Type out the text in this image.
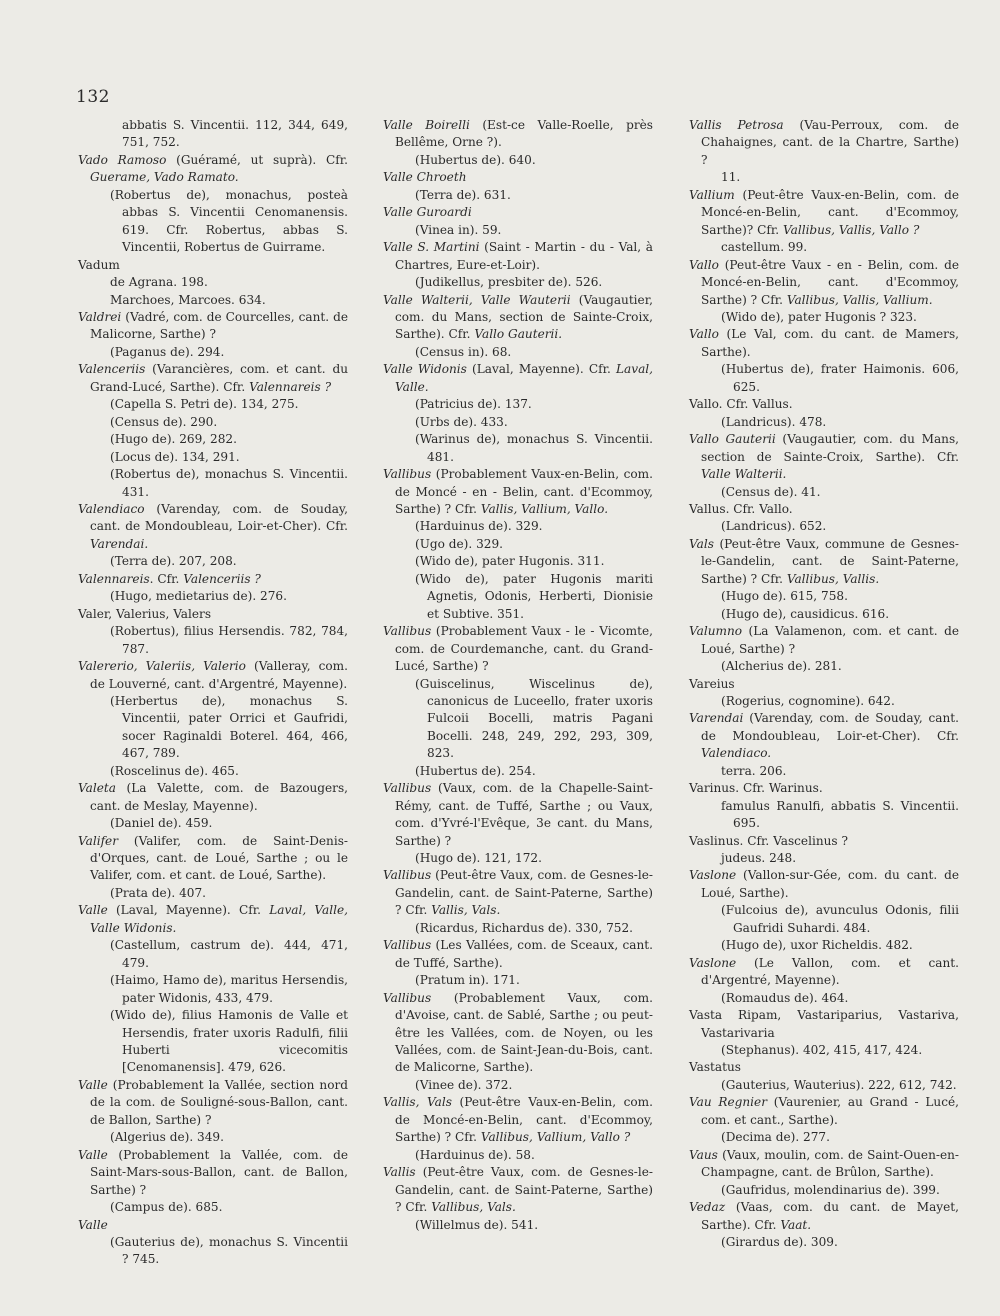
132

abbatis S. Vincentii. 112, 344, 649, 751, 752.

Vado Ramoso (Guéramé, ut suprà). Cfr. Guerame, Vado Ramato.

(Robertus de), monachus, posteà abbas S. Vincentii Cenomanensis. 619. Cfr. Robertus, abbas S. Vincentii, Robertus de Guirrame.

Vadum

de Agrana. 198.

Marchoes, Marcoes. 634.

Valdrei (Vadré, com. de Courcelles, cant. de Malicorne, Sarthe) ?

(Paganus de). 294.

Valenceriis (Varancières, com. et cant. du Grand-Lucé, Sarthe). Cfr. Valennareis ?

(Capella S. Petri de). 134, 275.

(Census de). 290.

(Hugo de). 269, 282.

(Locus de). 134, 291.

(Robertus de), monachus S. Vincentii. 431.

Valendiaco (Varenday, com. de Souday, cant. de Mondoubleau, Loir-et-Cher). Cfr. Varendai.

(Terra de). 207, 208.

Valennareis. Cfr. Valenceriis ?

(Hugo, medietarius de). 276.

Valer, Valerius, Valers

(Robertus), filius Hersendis. 782, 784, 787.

Valererio, Valeriis, Valerio (Valleray, com. de Louverné, cant. d'Argentré, Mayenne).

(Herbertus de), monachus S. Vincentii, pater Orrici et Gaufridi, socer Raginaldi Boterel. 464, 466, 467, 789.

(Roscelinus de). 465.

Valeta (La Valette, com. de Bazougers, cant. de Meslay, Mayenne).

(Daniel de). 459.

Valifer (Valifer, com. de Saint-Denis-d'Orques, cant. de Loué, Sarthe ; ou le Valifer, com. et cant. de Loué, Sarthe).

(Prata de). 407.

Valle (Laval, Mayenne). Cfr. Laval, Valle, Valle Widonis.

(Castellum, castrum de). 444, 471, 479.

(Haimo, Hamo de), maritus Hersendis, pater Widonis, 433, 479.

(Wido de), filius Hamonis de Valle et Hersendis, frater uxoris Radulfi, filii Huberti vicecomitis [Cenomanensis]. 479, 626.

Valle (Probablement la Vallée, section nord de la com. de Souligné-sous-Ballon, cant. de Ballon, Sarthe) ?

(Algerius de). 349.

Valle (Probablement la Vallée, com. de Saint-Mars-sous-Ballon, cant. de Ballon, Sarthe) ?

(Campus de). 685.

Valle

(Gauterius de), monachus S. Vincentii ? 745.

Valle Boirelli (Est-ce Valle-Roelle, près Bellême, Orne ?).

(Hubertus de). 640.

Valle Chroeth

(Terra de). 631.

Valle Guroardi

(Vinea in). 59.

Valle S. Martini (Saint - Martin - du - Val, à Chartres, Eure-et-Loir).

(Judikellus, presbiter de). 526.

Valle Walterii, Valle Wauterii (Vaugautier, com. du Mans, section de Sainte-Croix, Sarthe). Cfr. Vallo Gauterii.

(Census in). 68.

Valle Widonis (Laval, Mayenne). Cfr. Laval, Valle.

(Patricius de). 137.

(Urbs de). 433.

(Warinus de), monachus S. Vincentii. 481.

Vallibus (Probablement Vaux-en-Belin, com. de Moncé - en - Belin, cant. d'Ecommoy, Sarthe) ? Cfr. Vallis, Vallium, Vallo.

(Harduinus de). 329.

(Ugo de). 329.

(Wido de), pater Hugonis. 311.

(Wido de), pater Hugonis mariti Agnetis, Odonis, Herberti, Dionisie et Subtive. 351.

Vallibus (Probablement Vaux - le - Vicomte, com. de Courdemanche, cant. du Grand-Lucé, Sarthe) ?

(Guiscelinus, Wiscelinus de), canonicus de Luceello, frater uxoris Fulcoii Bocelli, matris Pagani Bocelli. 248, 249, 292, 293, 309, 823.

(Hubertus de). 254.

Vallibus (Vaux, com. de la Chapelle-Saint-Rémy, cant. de Tuffé, Sarthe ; ou Vaux, com. d'Yvré-l'Evêque, 3e cant. du Mans, Sarthe) ?

(Hugo de). 121, 172.

Vallibus (Peut-être Vaux, com. de Gesnes-le-Gandelin, cant. de Saint-Paterne, Sarthe) ? Cfr. Vallis, Vals.

(Ricardus, Richardus de). 330, 752.

Vallibus (Les Vallées, com. de Sceaux, cant. de Tuffé, Sarthe).

(Pratum in). 171.

Vallibus (Probablement Vaux, com. d'Avoise, cant. de Sablé, Sarthe ; ou peut-être les Vallées, com. de Noyen, ou les Vallées, com. de Saint-Jean-du-Bois, cant. de Malicorne, Sarthe).

(Vinee de). 372.

Vallis, Vals (Peut-être Vaux-en-Belin, com. de Moncé-en-Belin, cant. d'Ecommoy, Sarthe) ? Cfr. Vallibus, Vallium, Vallo ?

(Harduinus de). 58.

Vallis (Peut-être Vaux, com. de Gesnes-le-Gandelin, cant. de Saint-Paterne, Sarthe) ? Cfr. Vallibus, Vals.

(Willelmus de). 541.

Vallis Petrosa (Vau-Perroux, com. de Chahaignes, cant. de la Chartre, Sarthe) ?

11.

Vallium (Peut-être Vaux-en-Belin, com. de Moncé-en-Belin, cant. d'Ecommoy, Sarthe)? Cfr. Vallibus, Vallis, Vallo ?

castellum. 99.

Vallo (Peut-être Vaux - en - Belin, com. de Moncé-en-Belin, cant. d'Ecommoy, Sarthe) ? Cfr. Vallibus, Vallis, Vallium.

(Wido de), pater Hugonis ? 323.

Vallo (Le Val, com. du cant. de Mamers, Sarthe).

(Hubertus de), frater Haimonis. 606, 625.

Vallo. Cfr. Vallus.

(Landricus). 478.

Vallo Gauterii (Vaugautier, com. du Mans, section de Sainte-Croix, Sarthe). Cfr. Valle Walterii.

(Census de). 41.

Vallus. Cfr. Vallo.

(Landricus). 652.

Vals (Peut-être Vaux, commune de Gesnes-le-Gandelin, cant. de Saint-Paterne, Sarthe) ? Cfr. Vallibus, Vallis.

(Hugo de). 615, 758.

(Hugo de), causidicus. 616.

Valumno (La Valamenon, com. et cant. de Loué, Sarthe) ?

(Alcherius de). 281.

Vareius

(Rogerius, cognomine). 642.

Varendai (Varenday, com. de Souday, cant. de Mondoubleau, Loir-et-Cher). Cfr. Valendiaco.

terra. 206.

Varinus. Cfr. Warinus.

famulus Ranulfi, abbatis S. Vincentii. 695.

Vaslinus. Cfr. Vascelinus ?

judeus. 248.

Vaslone (Vallon-sur-Gée, com. du cant. de Loué, Sarthe).

(Fulcoius de), avunculus Odonis, filii Gaufridi Suhardi. 484.

(Hugo de), uxor Richeldis. 482.

Vaslone (Le Vallon, com. et cant. d'Argentré, Mayenne).

(Romaudus de). 464.

Vasta Ripam, Vastariparius, Vastariva, Vastarivaria

(Stephanus). 402, 415, 417, 424.

Vastatus

(Gauterius, Wauterius). 222, 612, 742.

Vau Regnier (Vaurenier, au Grand - Lucé, com. et cant., Sarthe).

(Decima de). 277.

Vaus (Vaux, moulin, com. de Saint-Ouen-en-Champagne, cant. de Brûlon, Sarthe).

(Gaufridus, molendinarius de). 399.

Vedaz (Vaas, com. du cant. de Mayet, Sarthe). Cfr. Vaat.

(Girardus de). 309.
